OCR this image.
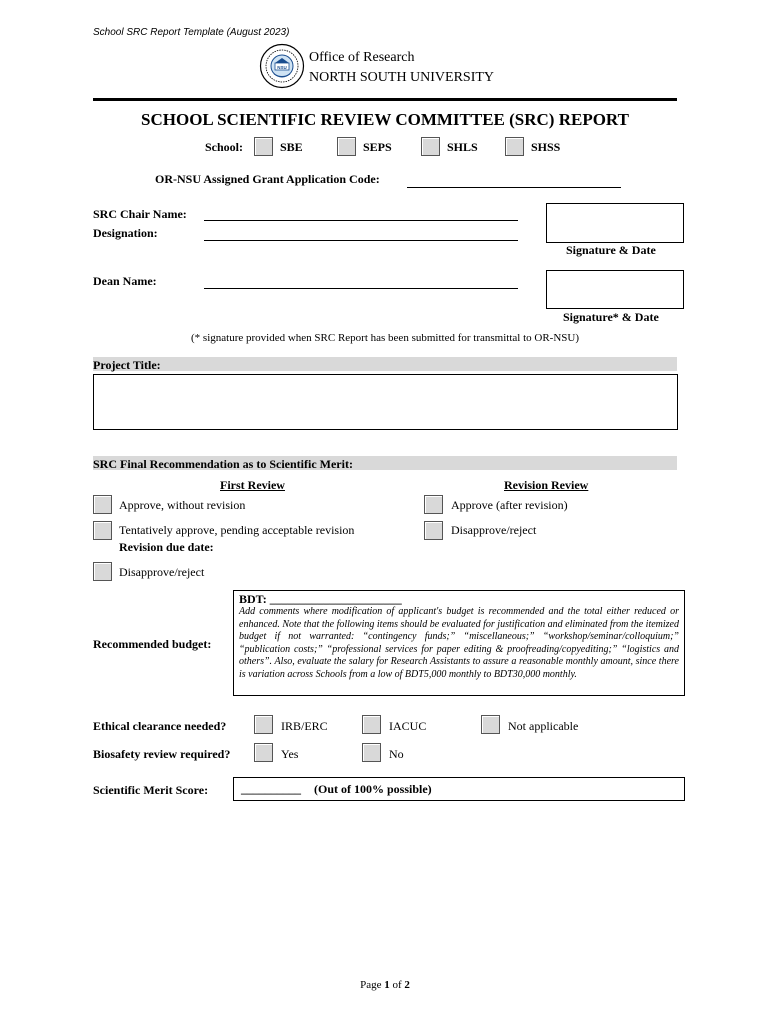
School SRC Report Template (August 2023)
NSU
Office of Research
NORTH SOUTH UNIVERSITY
SCHOOL SCIENTIFIC REVIEW COMMITTEE (SRC) REPORT
School:	SBE	SEPS	SHLS	SHSS
OR-NSU Assigned Grant Application Code:
SRC Chair Name:
Designation:
Signature & Date
Dean Name:
Signature* & Date
(* signature provided when SRC Report has been submitted for transmittal to OR-NSU)
Project Title:
SRC Final Recommendation as to Scientific Merit:
First Review	Revision Review
Approve, without revision	Approve (after revision)
Tentatively approve, pending acceptable revision	Disapprove/reject
Revision due date:
Disapprove/reject
Recommended budget:
BDT: ______________________
Add comments where modification of applicant's budget is recommended and the total either reduced or enhanced. Note that the following items should be evaluated for justification and eliminated from the itemized budget if not warranted: “contingency funds;” “miscellaneous;” “workshop/seminar/colloquium;” “publication costs;” “professional services for paper editing & proofreading/copyediting;” “logistics and others”. Also, evaluate the salary for Research Assistants to assure a reasonable monthly amount, since there is variation across Schools from a low of BDT5,000 monthly to BDT30,000 monthly.
Ethical clearance needed?	IRB/ERC	IACUC	Not applicable
Biosafety review required?	Yes	No
Scientific Merit Score:	__________ (Out of 100% possible)
Page 1 of 2
